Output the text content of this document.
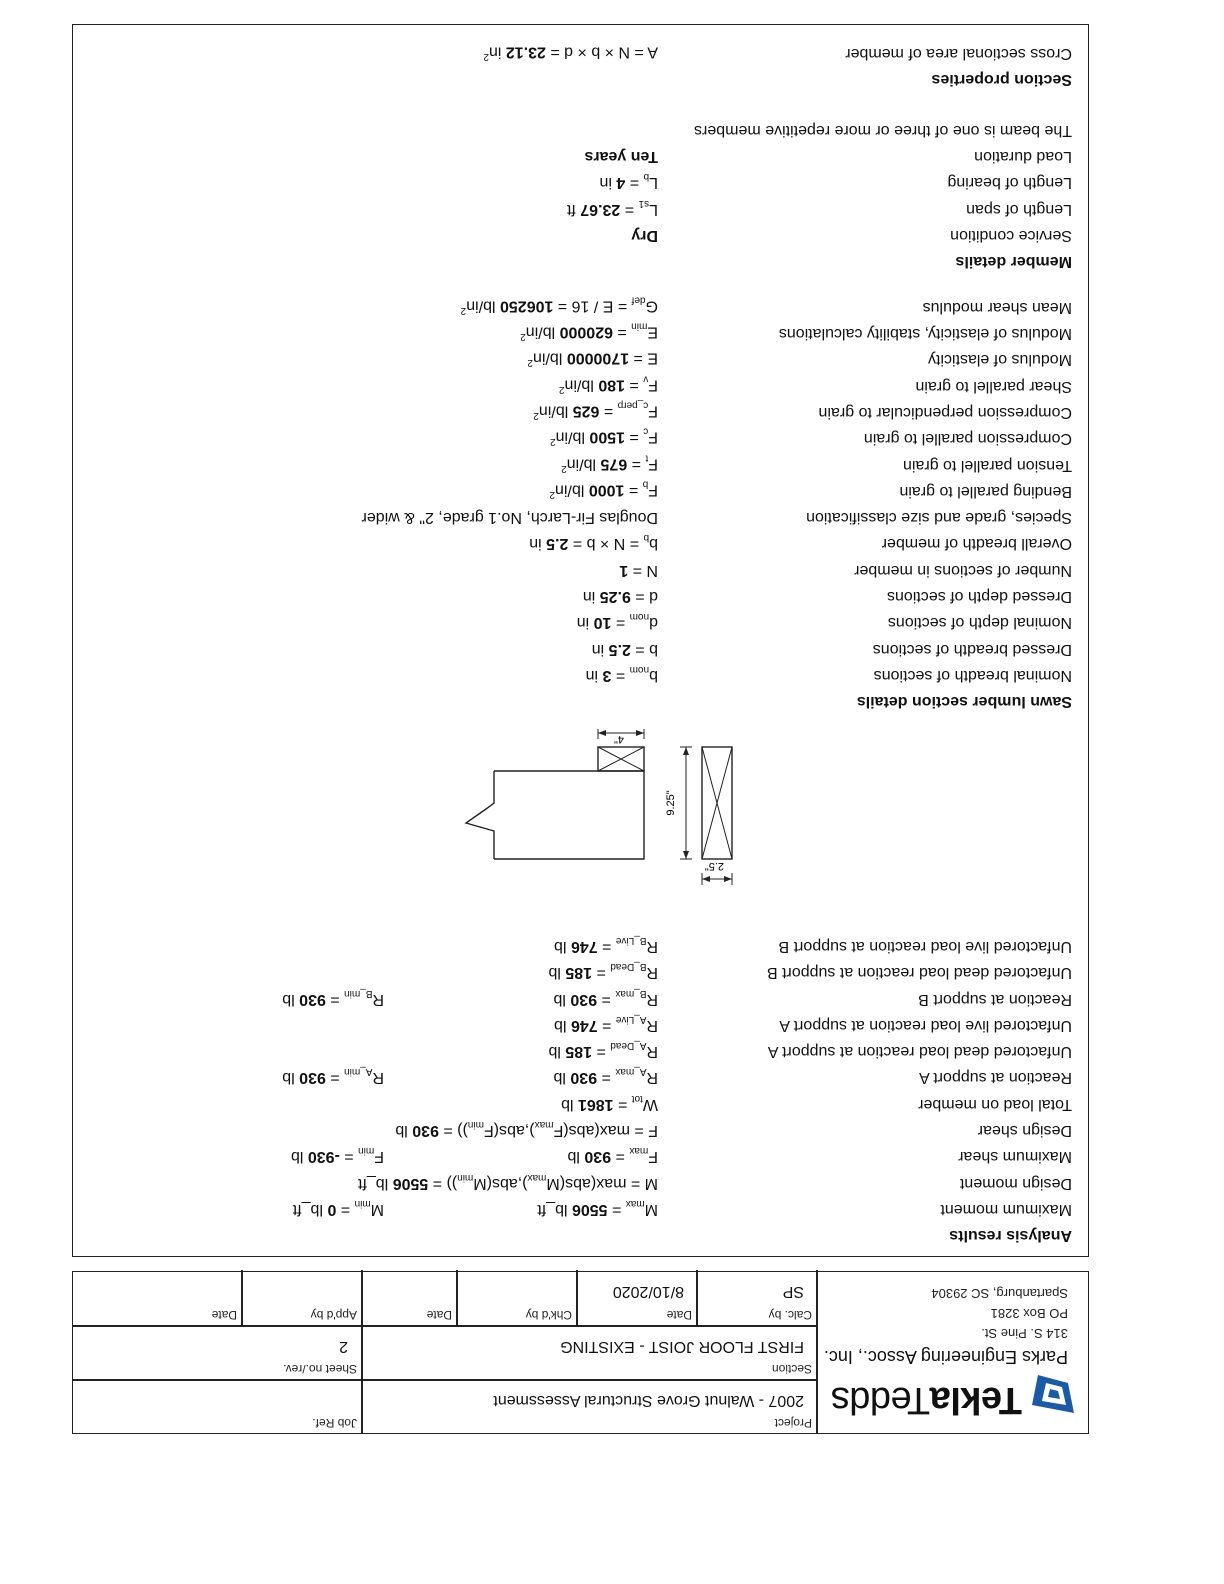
TeklaTedds
Parks Engineering Assoc., Inc.
314 S. Pine St.
PO Box 3281
Spartanburg, SC 29304
Project
2007 - Walnut Grove Structural Assessment
Job Ref.
Section
FIRST FLOOR JOIST - EXISTING
Sheet no./rev.
2
Calc. by
SP
Date
8/10/2020
Chk'd by
Date
App'd by
Date
Analysis results
Maximum moment
$M_{max} = 5506$ lb_ft
$M_{min} = 0$ lb_ft
Design moment
$M = \max(abs(M_{max}),abs(M_{min})) = 5506$ lb_ft
Maximum shear
$F_{max} = 930$ lb
$F_{min} = -930$ lb
Design shear
$F = \max(abs(F_{max}),abs(F_{min})) = 930$ lb
Total load on member
$W_{tot} = 1861$ lb
Reaction at support A
$R_{A\_max} = 930$ lb
$R_{A\_min} = 930$ lb
Unfactored dead load reaction at support A
$R_{A\_Dead} = 185$ lb
Unfactored live load reaction at support A
$R_{A\_Live} = 746$ lb
Reaction at support B
$R_{B\_max} = 930$ lb
$R_{B\_min} = 930$ lb
Unfactored dead load reaction at support B
$R_{B\_Dead} = 185$ lb
Unfactored live load reaction at support B
$R_{B\_Live} = 746$ lb
9.25"
2.5"
4"
Sawn lumber section details
Nominal breadth of sections
$b_{nom} = 3$ in
Dressed breadth of sections
b = 2.5 in
Nominal depth of sections
$d_{nom} = 10$ in
Dressed depth of sections
d = 9.25 in
Number of sections in member
N = 1
Overall breadth of member
$b_b = N \times b = 2.5$ in
Species, grade and size classification
Douglas Fir-Larch, No.1 grade, 2" & wider
Bending parallel to grain
$F_b = 1000$ $lb/in^2$
Tension parallel to grain
$F_t = 675$ $lb/in^2$
Compression parallel to grain
$F_c = 1500$ $lb/in^2$
Compression perpendicular to grain
$F_{c\_perp} = 625$ $lb/in^2$
Shear parallel to grain
$F_v = 180$ $lb/in^2$
Modulus of elasticity
E = 1700000 $lb/in^2$
Modulus of elasticity, stability calculations
$E_{min} = 620000$ $lb/in^2$
Mean shear modulus
$G_{def} = E / 16 = 106250$ $lb/in^2$
Member details
Service condition
Dry
Length of span
$L_{s1} = 23.67$ ft
Length of bearing
$L_b = 4$ in
Load duration
Ten years
The beam is one of three or more repetitive members
Section properties
Cross sectional area of member
A = N × b × d = 23.12 $in^2$
